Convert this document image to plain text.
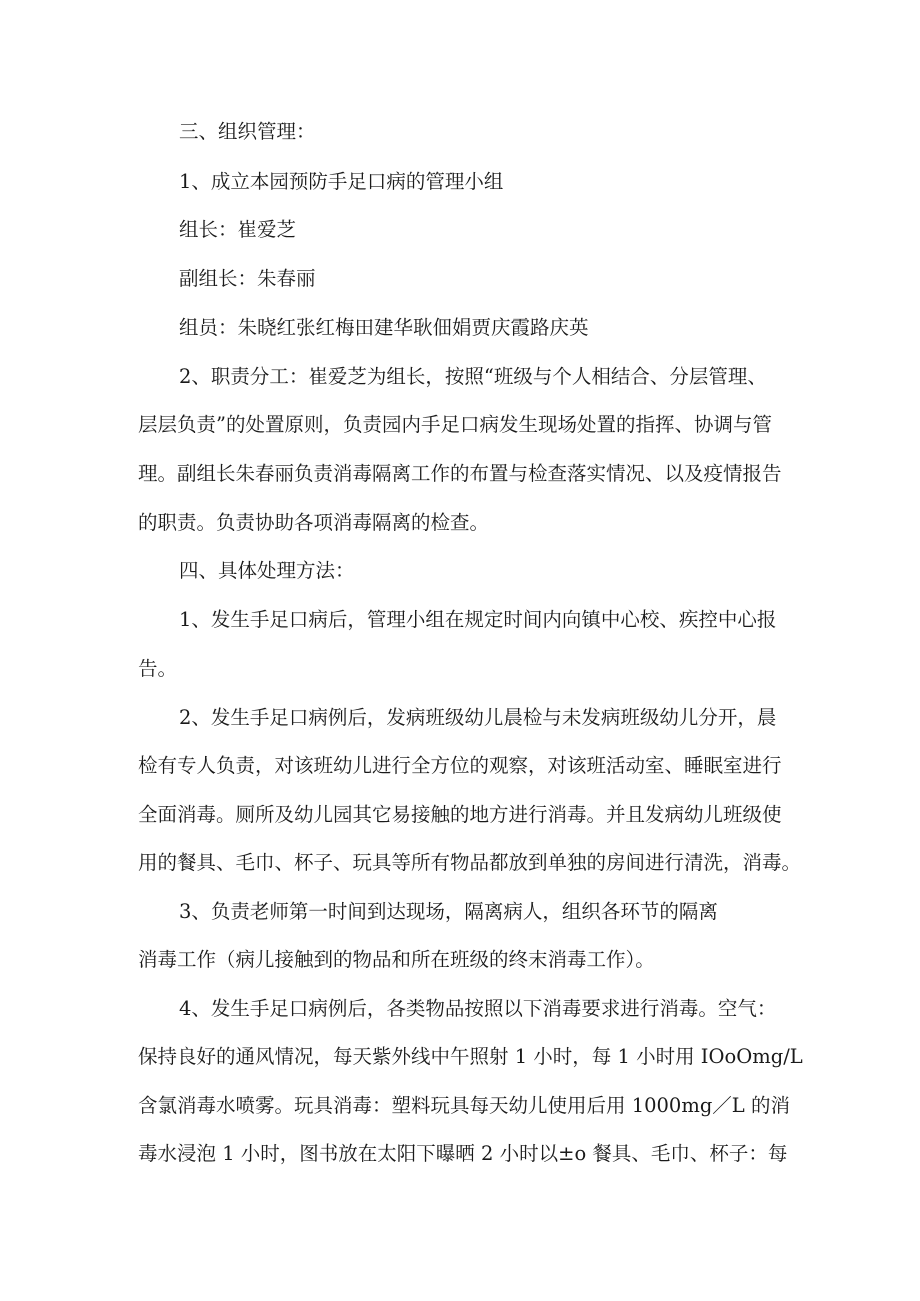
三、组织管理：
1、成立本园预防手足口病的管理小组
组长：崔爱芝
副组长：朱春丽
组员：朱晓红张红梅田建华耿佃娟贾庆霞路庆英
2、职责分工：崔爱芝为组长，按照“班级与个人相结合、分层管理、
层层负责”的处置原则，负责园内手足口病发生现场处置的指挥、协调与管
理。副组长朱春丽负责消毒隔离工作的布置与检查落实情况、以及疫情报告
的职责。负责协助各项消毒隔离的检查。
四、具体处理方法：
1、发生手足口病后，管理小组在规定时间内向镇中心校、疾控中心报
告。
2、发生手足口病例后，发病班级幼儿晨检与未发病班级幼儿分开，晨
检有专人负责，对该班幼儿进行全方位的观察，对该班活动室、睡眠室进行
全面消毒。厕所及幼儿园其它易接触的地方进行消毒。并且发病幼儿班级使
用的餐具、毛巾、杯子、玩具等所有物品都放到单独的房间进行清洗，消毒。
3、负责老师第一时间到达现场，隔离病人，组织各环节的隔离
消毒工作（病儿接触到的物品和所在班级的终末消毒工作）。
4、发生手足口病例后，各类物品按照以下消毒要求进行消毒。空气：
保持良好的通风情况，每天紫外线中午照射 1 小时，每 1 小时用 IOoOmg/L
含氯消毒水喷雾。玩具消毒：塑料玩具每天幼儿使用后用 1000mg／L 的消
毒水浸泡 1 小时，图书放在太阳下曝晒 2 小时以±o 餐具、毛巾、杯子：每
